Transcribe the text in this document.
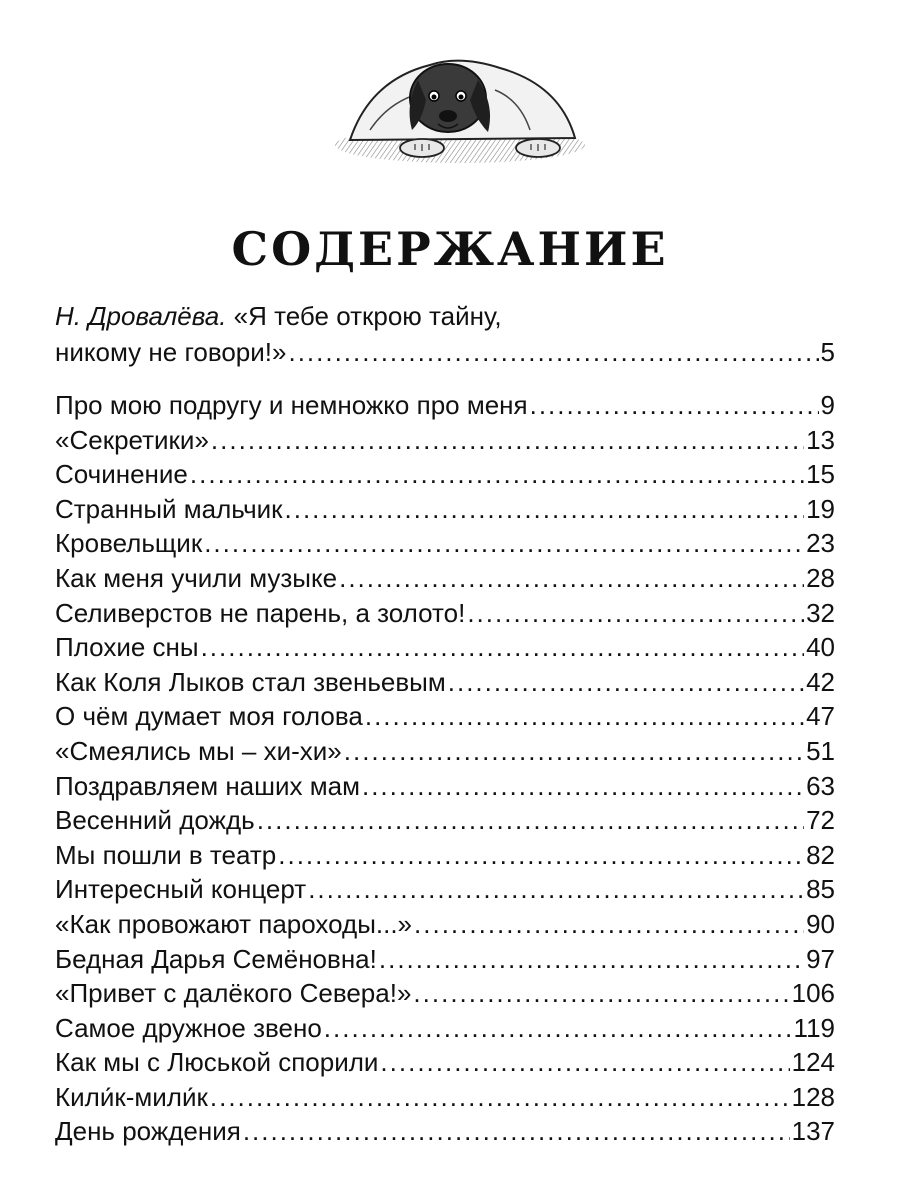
СОДЕРЖАНИЕ
Н. Дровалёва. «Я тебе открою тайну,
никому не говори!» .....	5
Про мою подругу и немножко про меня .....	9
«Секретики» .....	13
Сочинение .....	15
Странный мальчик .....	19
Кровельщик .....	23
Как меня учили музыке .....	28
Селиверстов не парень, а золото! .....	32
Плохие сны .....	40
Как Коля Лыков стал звеньевым .....	42
О чём думает моя голова .....	47
«Смеялись мы – хи-хи» .....	51
Поздравляем наших мам .....	63
Весенний дождь .....	72
Мы пошли в театр .....	82
Интересный концерт .....	85
«Как провожают пароходы...» .....	90
Бедная Дарья Семёновна! .....	97
«Привет с далёкого Севера!» .....	106
Самое дружное звено .....	119
Как мы с Люськой спорили .....	124
Кили́к-мили́к .....	128
День рождения .....	137
